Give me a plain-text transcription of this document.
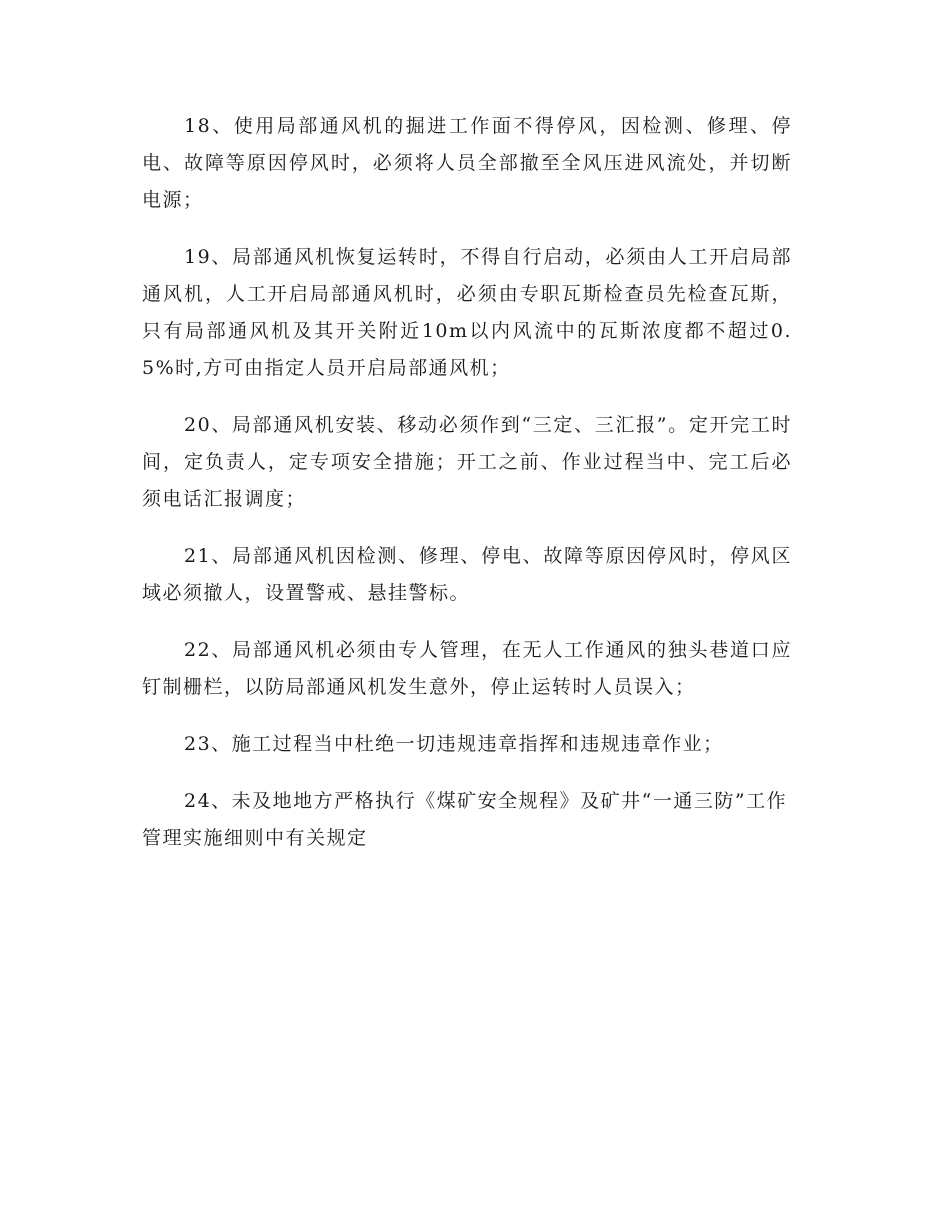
18、使用局部通风机的掘进工作面不得停风，因检测、修理、停电、故障等原因停风时，必须将人员全部撤至全风压进风流处，并切断电源；

19、局部通风机恢复运转时，不得自行启动，必须由人工开启局部通风机，人工开启局部通风机时，必须由专职瓦斯检查员先检查瓦斯，只有局部通风机及其开关附近10m以内风流中的瓦斯浓度都不超过0.5%时,方可由指定人员开启局部通风机；

20、局部通风机安装、移动必须作到“三定、三汇报”。定开完工时间，定负责人，定专项安全措施；开工之前、作业过程当中、完工后必须电话汇报调度；

21、局部通风机因检测、修理、停电、故障等原因停风时，停风区域必须撤人，设置警戒、悬挂警标。

22、局部通风机必须由专人管理，在无人工作通风的独头巷道口应钉制栅栏，以防局部通风机发生意外，停止运转时人员误入；

23、施工过程当中杜绝一切违规违章指挥和违规违章作业；

24、未及地地方严格执行《煤矿安全规程》及矿井“一通三防”工作管理实施细则中有关规定
